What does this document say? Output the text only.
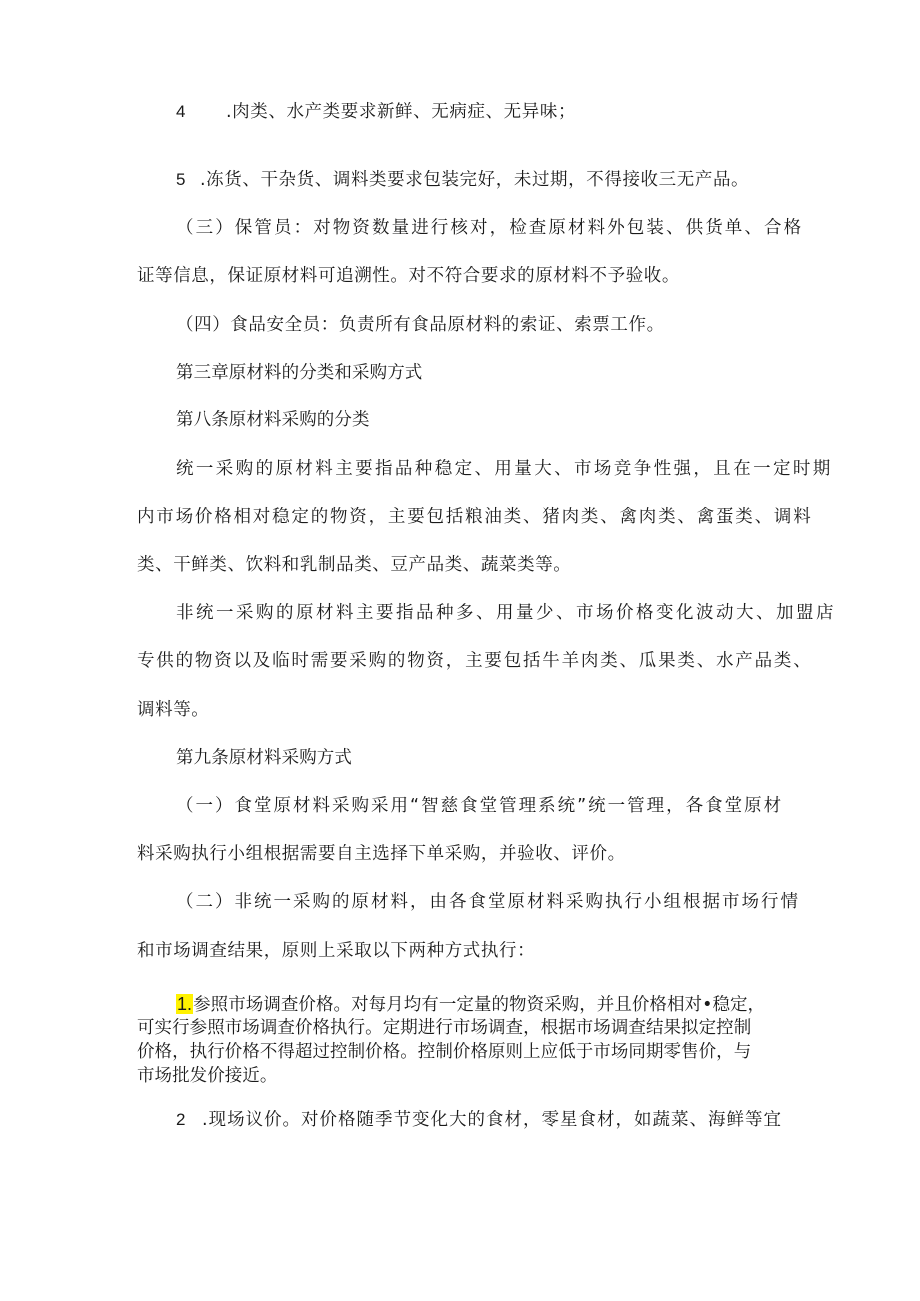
4 .肉类、水产类要求新鲜、无病症、无异味；
5 .冻货、干杂货、调料类要求包装完好，未过期，不得接收三无产品。
（三）保管员：对物资数量进行核对，检查原材料外包装、供货单、合格
证等信息，保证原材料可追溯性。对不符合要求的原材料不予验收。
（四）食品安全员：负责所有食品原材料的索证、索票工作。
第三章原材料的分类和采购方式
第八条原材料采购的分类
统一采购的原材料主要指品种稳定、用量大、市场竞争性强，且在一定时期
内市场价格相对稳定的物资，主要包括粮油类、猪肉类、禽肉类、禽蛋类、调料
类、干鲜类、饮料和乳制品类、豆产品类、蔬菜类等。
非统一采购的原材料主要指品种多、用量少、市场价格变化波动大、加盟店
专供的物资以及临时需要采购的物资，主要包括牛羊肉类、瓜果类、水产品类、
调料等。
第九条原材料采购方式
（一）食堂原材料采购采用“智慈食堂管理系统”统一管理，各食堂原材
料采购执行小组根据需要自主选择下单采购，并验收、评价。
（二）非统一采购的原材料，由各食堂原材料采购执行小组根据市场行情
和市场调查结果，原则上采取以下两种方式执行：
1.参照市场调查价格。对每月均有一定量的物资采购，并且价格相对•稳定，
可实行参照市场调查价格执行。定期进行市场调查，根据市场调查结果拟定控制
价格，执行价格不得超过控制价格。控制价格原则上应低于市场同期零售价，与
市场批发价接近。
2 .现场议价。对价格随季节变化大的食材，零星食材，如蔬菜、海鲜等宜
